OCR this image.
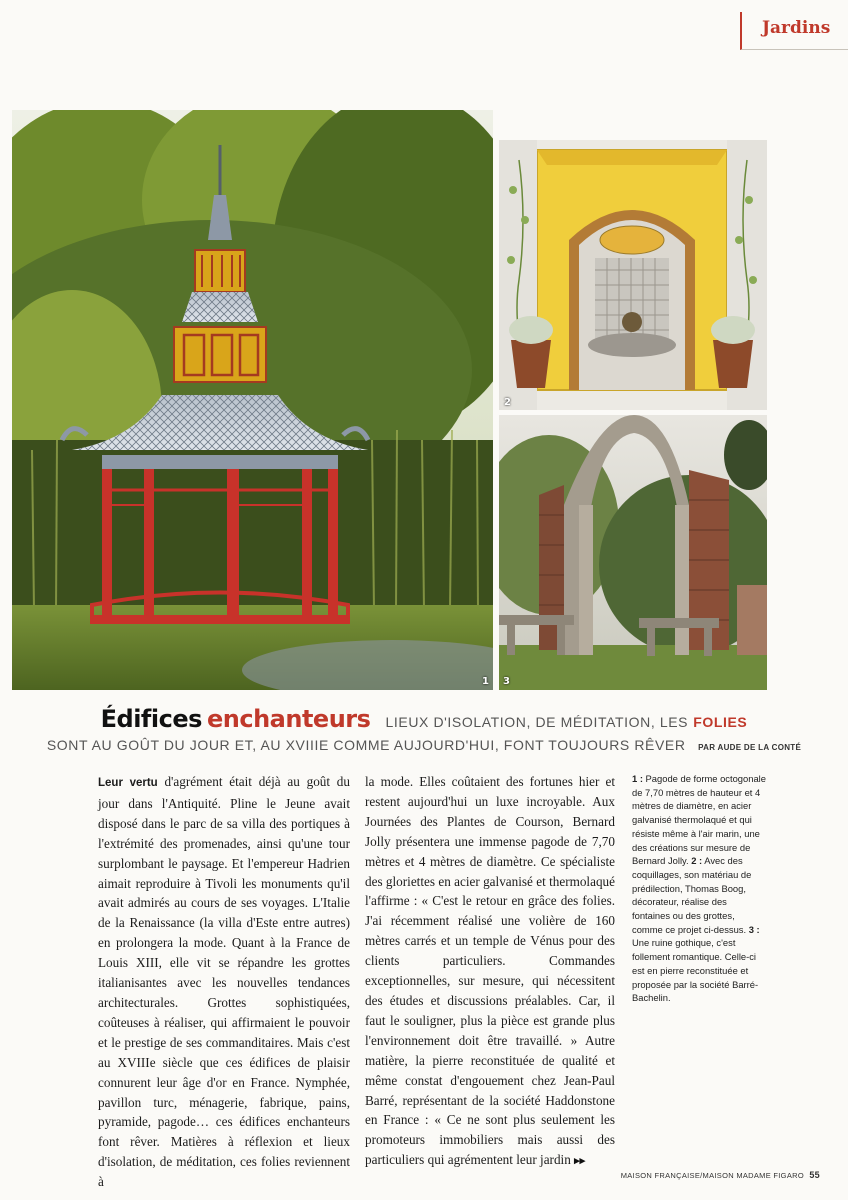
Jardins
1
2
3
Édifices enchanteurs LIEUX D'ISOLATION, DE MÉDITATION, LES FOLIES
SONT AU GOÛT DU JOUR ET, AU XVIIIE COMME AUJOURD'HUI, FONT TOUJOURS RÊVER PAR AUDE DE LA CONTÉ
Leur vertu d'agrément était déjà au goût du jour dans l'Antiquité. Pline le Jeune avait disposé dans le parc de sa villa des portiques à l'extrémité des promenades, ainsi qu'une tour surplombant le paysage. Et l'empereur Hadrien aimait reproduire à Tivoli les monuments qu'il avait admirés au cours de ses voyages. L'Italie de la Renaissance (la villa d'Este entre autres) en prolongera la mode. Quant à la France de Louis XIII, elle vit se répandre les grottes italianisantes avec les nouvelles tendances architecturales. Grottes sophistiquées, coûteuses à réaliser, qui affirmaient le pouvoir et le prestige de ses commanditaires. Mais c'est au XVIIIe siècle que ces édifices de plaisir connurent leur âge d'or en France. Nymphée, pavillon turc, ménagerie, fabrique, pains, pyramide, pagode… ces édifices enchanteurs font rêver. Matières à réflexion et lieux d'isolation, de méditation, ces folies reviennent à
la mode. Elles coûtaient des fortunes hier et restent aujourd'hui un luxe incroyable. Aux Journées des Plantes de Courson, Bernard Jolly présentera une immense pagode de 7,70 mètres et 4 mètres de diamètre. Ce spécialiste des gloriettes en acier galvanisé et thermolaqué l'affirme : « C'est le retour en grâce des folies. J'ai récemment réalisé une volière de 160 mètres carrés et un temple de Vénus pour des clients particuliers. Commandes exceptionnelles, sur mesure, qui nécessitent des études et discussions préalables. Car, il faut le souligner, plus la pièce est grande plus l'environnement doit être travaillé. » Autre matière, la pierre reconstituée de qualité et même constat d'engouement chez Jean-Paul Barré, représentant de la société Haddonstone en France : « Ce ne sont plus seulement les promoteurs immobiliers mais aussi des particuliers qui agrémentent leur jardin ▸▸
1 : Pagode de forme octogonale de 7,70 mètres de hauteur et 4 mètres de diamètre, en acier galvanisé thermolaqué et qui résiste même à l'air marin, une des créations sur mesure de Bernard Jolly. 2 : Avec des coquillages, son matériau de prédilection, Thomas Boog, décorateur, réalise des fontaines ou des grottes, comme ce projet ci-dessus. 3 : Une ruine gothique, c'est follement romantique. Celle-ci est en pierre reconstituée et proposée par la société Barré-Bachelin.
MAISON FRANÇAISE/MAISON MADAME FIGARO 55
